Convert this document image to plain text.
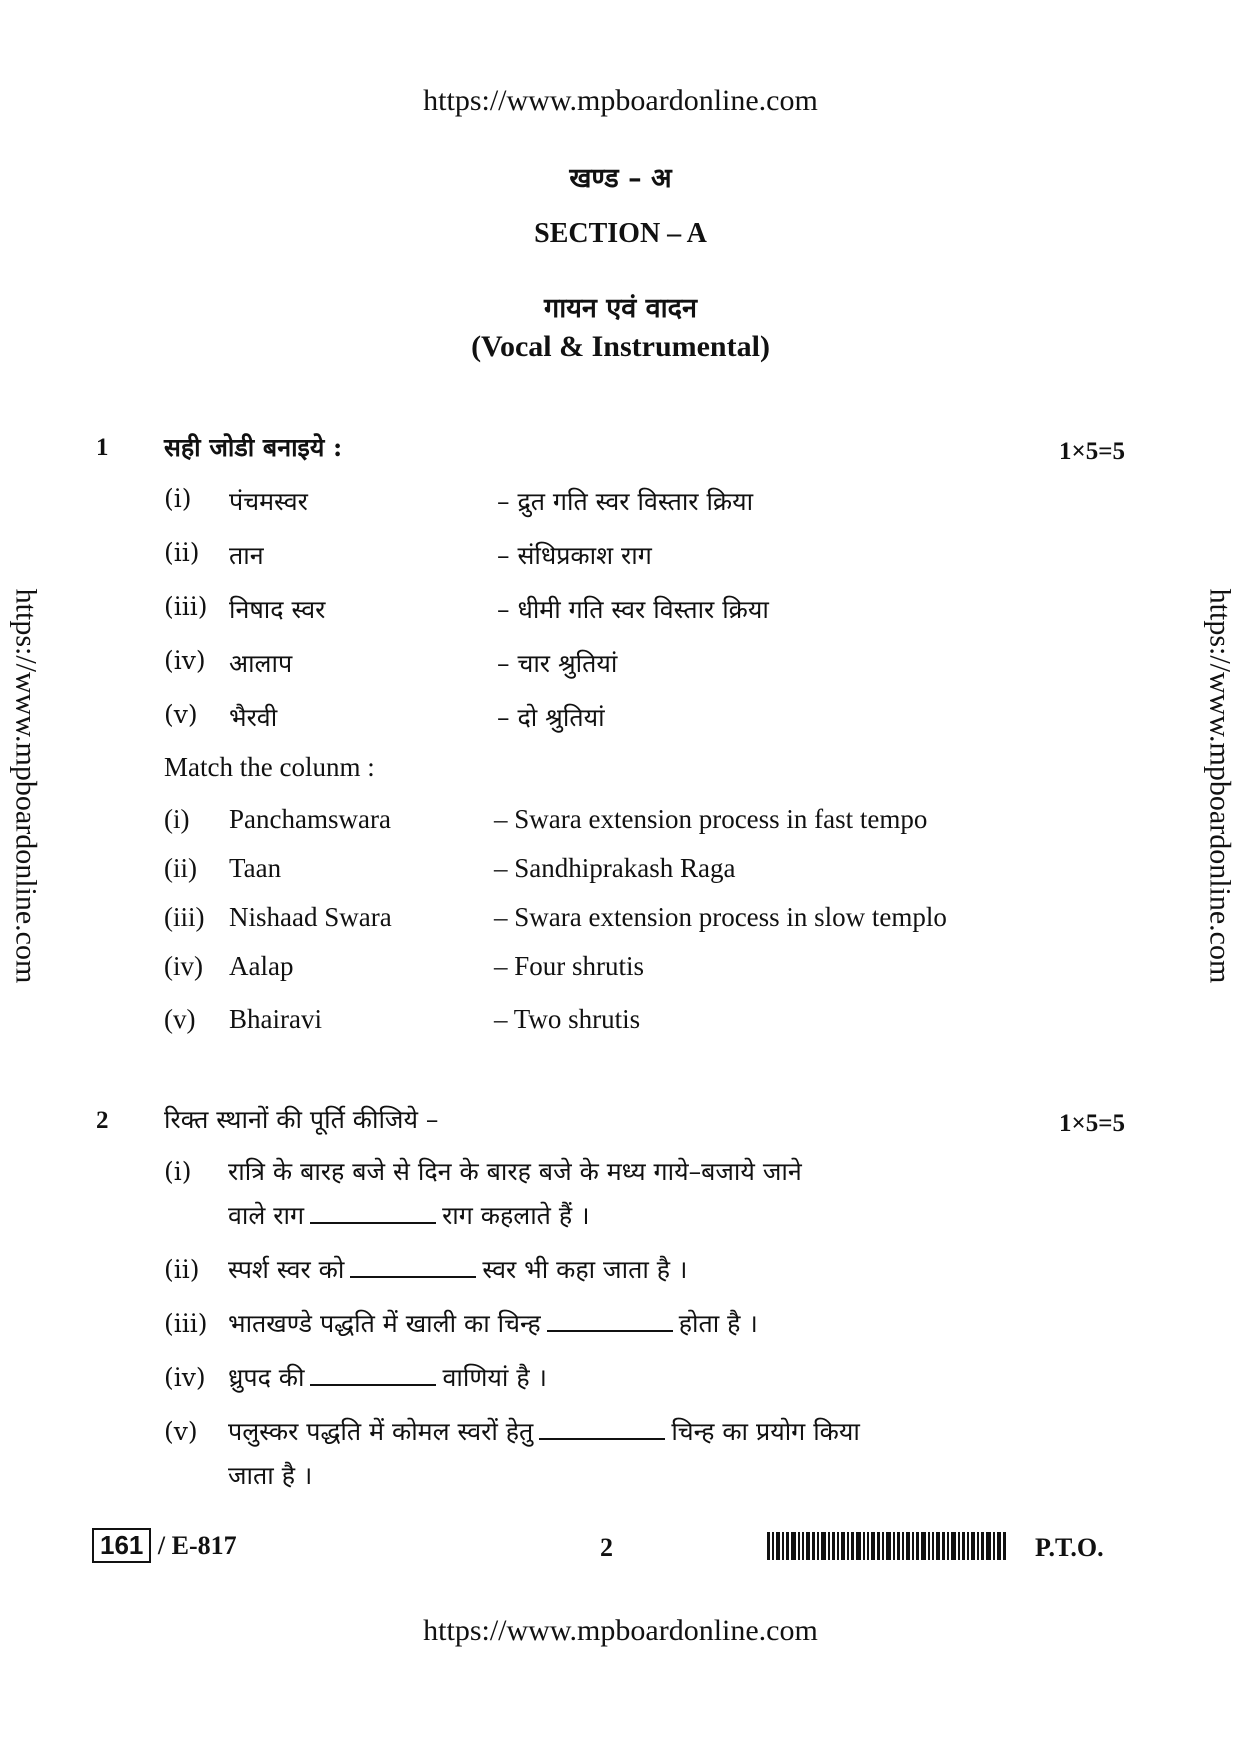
https://www.mpboardonline.com
https://www.mpboardonline.com	https://www.mpboardonline.com
खण्ड – अ
SECTION – A
गायन एवं वादन
(Vocal & Instrumental)
1 सही जोडी बनाइये :	1×5=5
(i) पंचमस्वर	– द्रुत गति स्वर विस्तार क्रिया
(ii) तान	– संधिप्रकाश राग
(iii) निषाद स्वर	– धीमी गति स्वर विस्तार क्रिया
(iv) आलाप	– चार श्रुतियां
(v) भैरवी	– दो श्रुतियां
Match the colunm :
(i) Panchamswara	– Swara extension process in fast tempo
(ii) Taan	– Sandhiprakash Raga
(iii) Nishaad Swara	– Swara extension process in slow templo
(iv) Aalap	– Four shrutis
(v) Bhairavi	– Two shrutis
2 रिक्त स्थानों की पूर्ति कीजिये –	1×5=5
(i) रात्रि के बारह बजे से दिन के बारह बजे के मध्य गाये–बजाये जाने
वाले राग	राग कहलाते हैं ।
(ii) स्पर्श स्वर को	स्वर भी कहा जाता है ।
(iii) भातखण्डे पद्धति में खाली का चिन्ह	होता है ।
(iv) ध्रुपद की	वाणियां है ।
(v) पलुस्कर पद्धति में कोमल स्वरों हेतु	चिन्ह का प्रयोग किया
जाता है ।
161 / E-817	2	P.T.O.
https://www.mpboardonline.com
